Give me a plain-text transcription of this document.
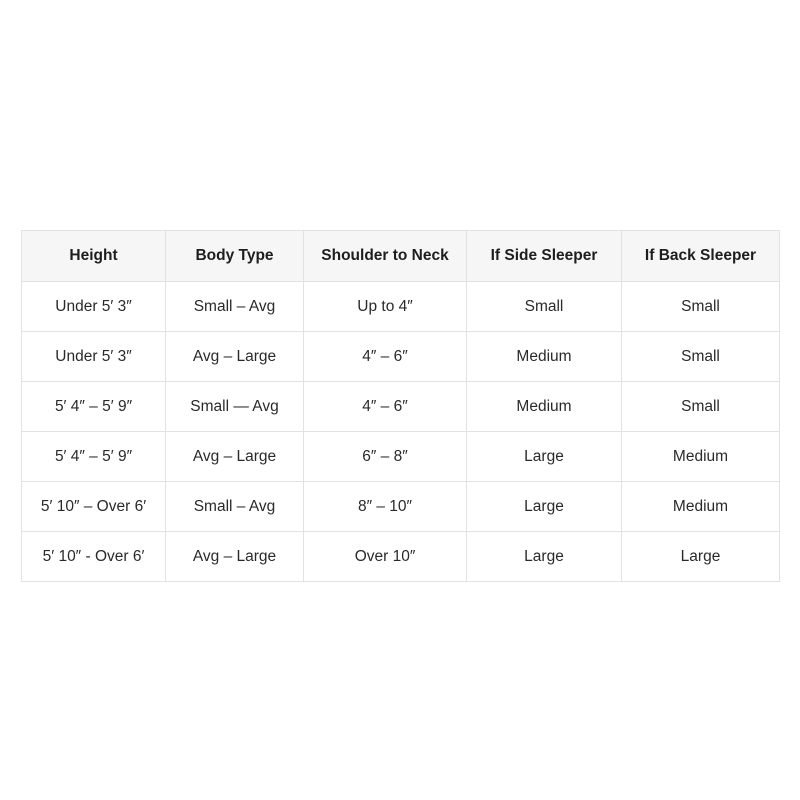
Height	Body Type	Shoulder to Neck	If Side Sleeper	If Back Sleeper
Under 5′ 3″	Small – Avg	Up to 4″	Small	Small
Under 5′ 3″	Avg – Large	4″ – 6″	Medium	Small
5′ 4″ – 5′ 9″	Small — Avg	4″ – 6″	Medium	Small
5′ 4″ – 5′ 9″	Avg – Large	6″ – 8″	Large	Medium
5′ 10″ – Over 6′	Small – Avg	8″ – 10″	Large	Medium
5′ 10″ - Over 6′	Avg – Large	Over 10″	Large	Large
